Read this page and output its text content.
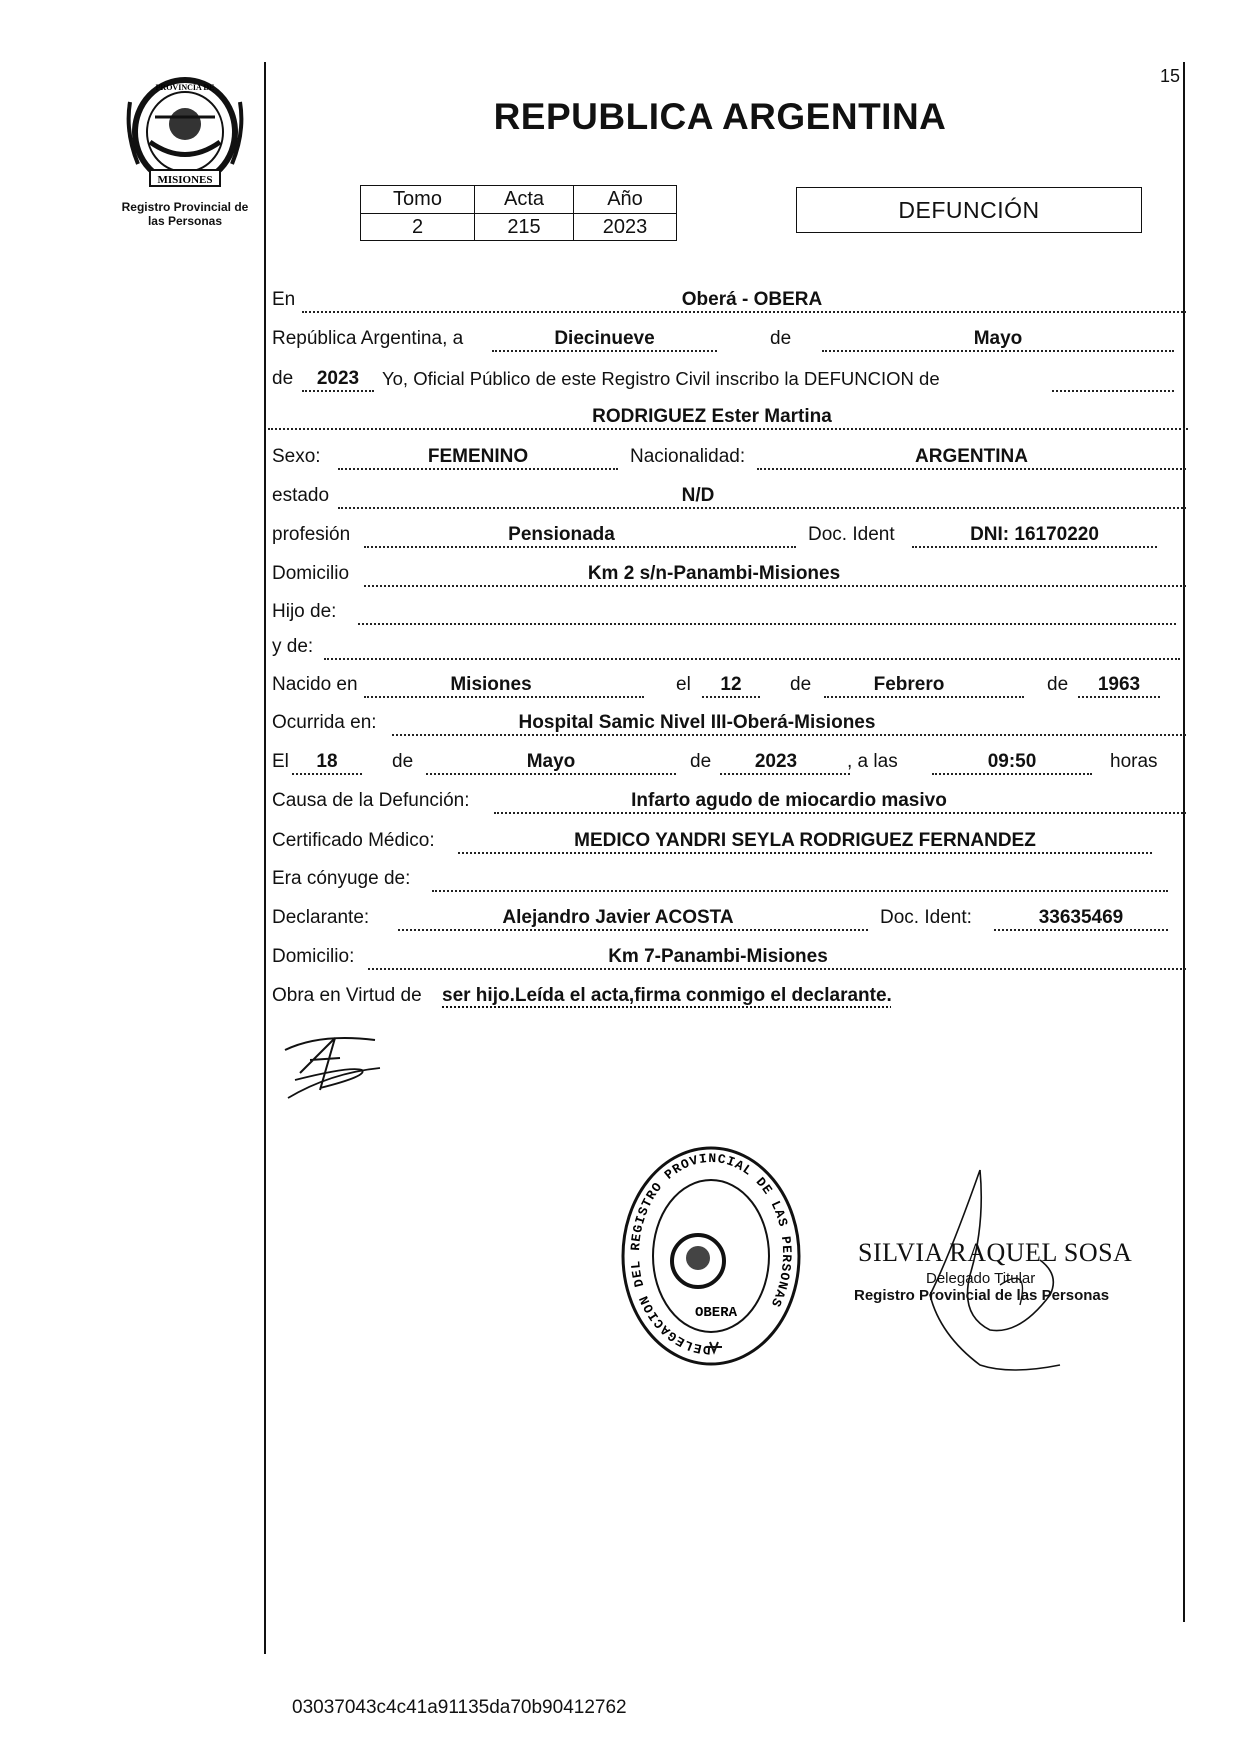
MISIONES
PROVINCIA DE
Registro Provincial de
las Personas
15
REPUBLICA ARGENTINA
Tomo	Acta	Año
2	215	2023
DEFUNCIÓN
En	Oberá - OBERA
República Argentina, a	Diecinueve	de	Mayo
de	2023	Yo, Oficial Público de este Registro Civil inscribo la DEFUNCION de
RODRIGUEZ Ester Martina
Sexo:	FEMENINO	Nacionalidad:	ARGENTINA
estado	N/D
profesión	Pensionada	Doc. Ident	DNI: 16170220
Domicilio	Km 2 s/n-Panambi-Misiones
Hijo de:
y de:
Nacido en	Misiones	el	12	de	Febrero	de	1963
Ocurrida en:	Hospital Samic Nivel III-Oberá-Misiones
El	18	de	Mayo	de	2023	, a las	09:50	horas
Causa de la Defunción:	Infarto agudo de miocardio masivo
Certificado Médico:	MEDICO YANDRI SEYLA RODRIGUEZ FERNANDEZ
Era cónyuge de:
Declarante:	Alejandro Javier ACOSTA	Doc. Ident:	33635469
Domicilio:	Km 7-Panambi-Misiones
Obra en Virtud de ser hijo.Leída el acta,firma conmigo el declarante.
DELEGACION DEL REGISTRO PROVINCIAL DE LAS PERSONAS
OBERA
SILVIA RAQUEL SOSA
Delegado Titular
Registro Provincial de las Personas
03037043c4c41a91135da70b90412762
